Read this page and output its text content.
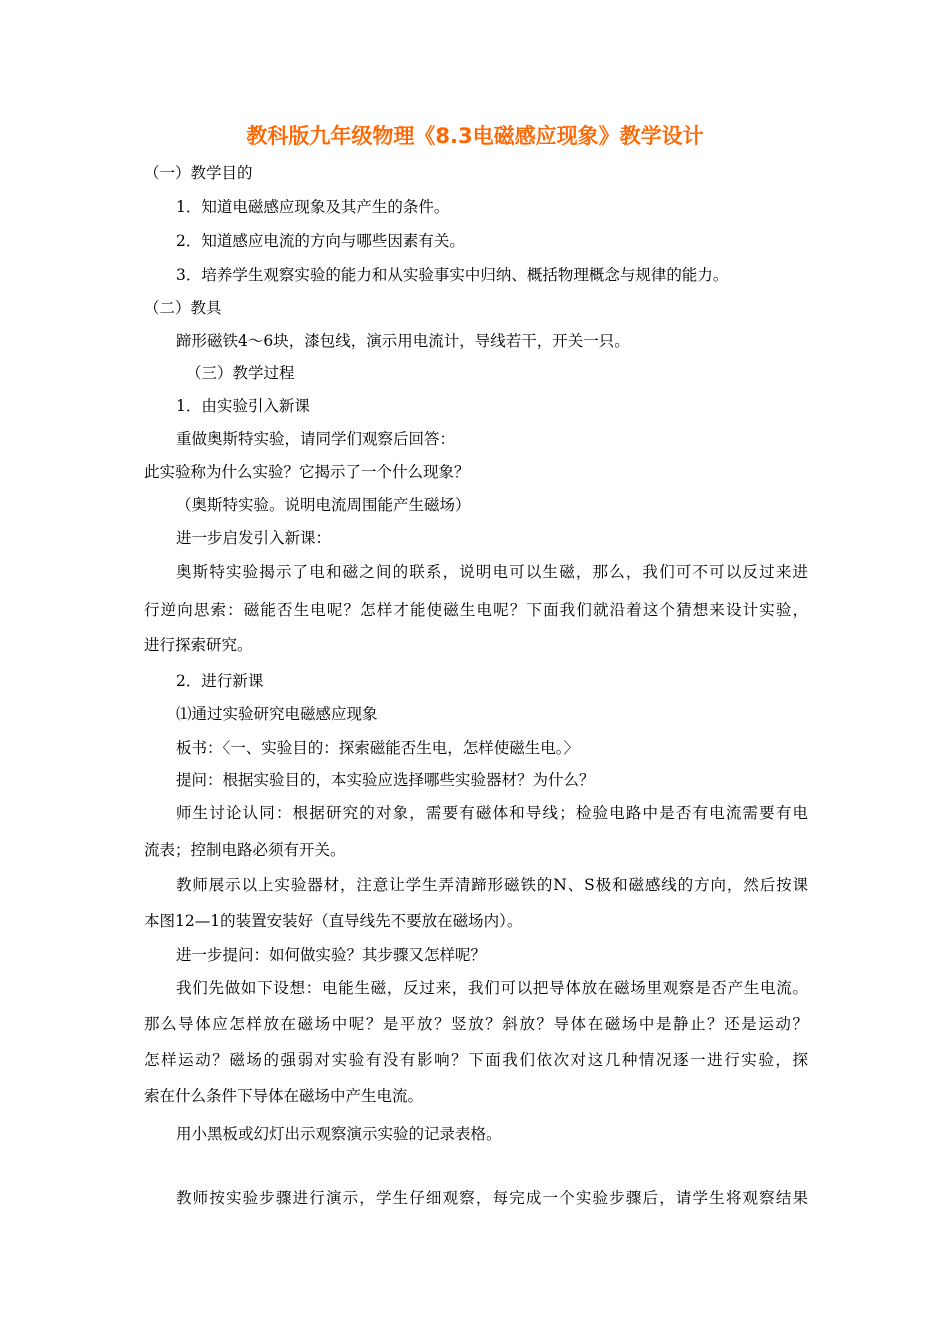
教科版九年级物理《8.3电磁感应现象》教学设计

（一）教学目的

1．知道电磁感应现象及其产生的条件。

2．知道感应电流的方向与哪些因素有关。

3．培养学生观察实验的能力和从实验事实中归纳、概括物理概念与规律的能力。

（二）教具

蹄形磁铁4～6块，漆包线，演示用电流计，导线若干，开关一只。

（三）教学过程

1．由实验引入新课

重做奥斯特实验，请同学们观察后回答：

此实验称为什么实验？它揭示了一个什么现象？

（奥斯特实验。说明电流周围能产生磁场）

进一步启发引入新课：

奥斯特实验揭示了电和磁之间的联系，说明电可以生磁，那么，我们可不可以反过来进

行逆向思索：磁能否生电呢？怎样才能使磁生电呢？下面我们就沿着这个猜想来设计实验，

进行探索研究。

2．进行新课

⑴通过实验研究电磁感应现象

板书：〈一、实验目的：探索磁能否生电，怎样使磁生电。〉

提问：根据实验目的，本实验应选择哪些实验器材？为什么？

师生讨论认同：根据研究的对象，需要有磁体和导线；检验电路中是否有电流需要有电

流表；控制电路必须有开关。

教师展示以上实验器材，注意让学生弄清蹄形磁铁的N、S极和磁感线的方向，然后按课

本图12—1的装置安装好（直导线先不要放在磁场内）。

进一步提问：如何做实验？其步骤又怎样呢？

我们先做如下设想：电能生磁，反过来，我们可以把导体放在磁场里观察是否产生电流。

那么导体应怎样放在磁场中呢？是平放？竖放？斜放？导体在磁场中是静止？还是运动？

怎样运动？磁场的强弱对实验有没有影响？下面我们依次对这几种情况逐一进行实验，探

索在什么条件下导体在磁场中产生电流。

用小黑板或幻灯出示观察演示实验的记录表格。

教师按实验步骤进行演示，学生仔细观察，每完成一个实验步骤后，请学生将观察结果
